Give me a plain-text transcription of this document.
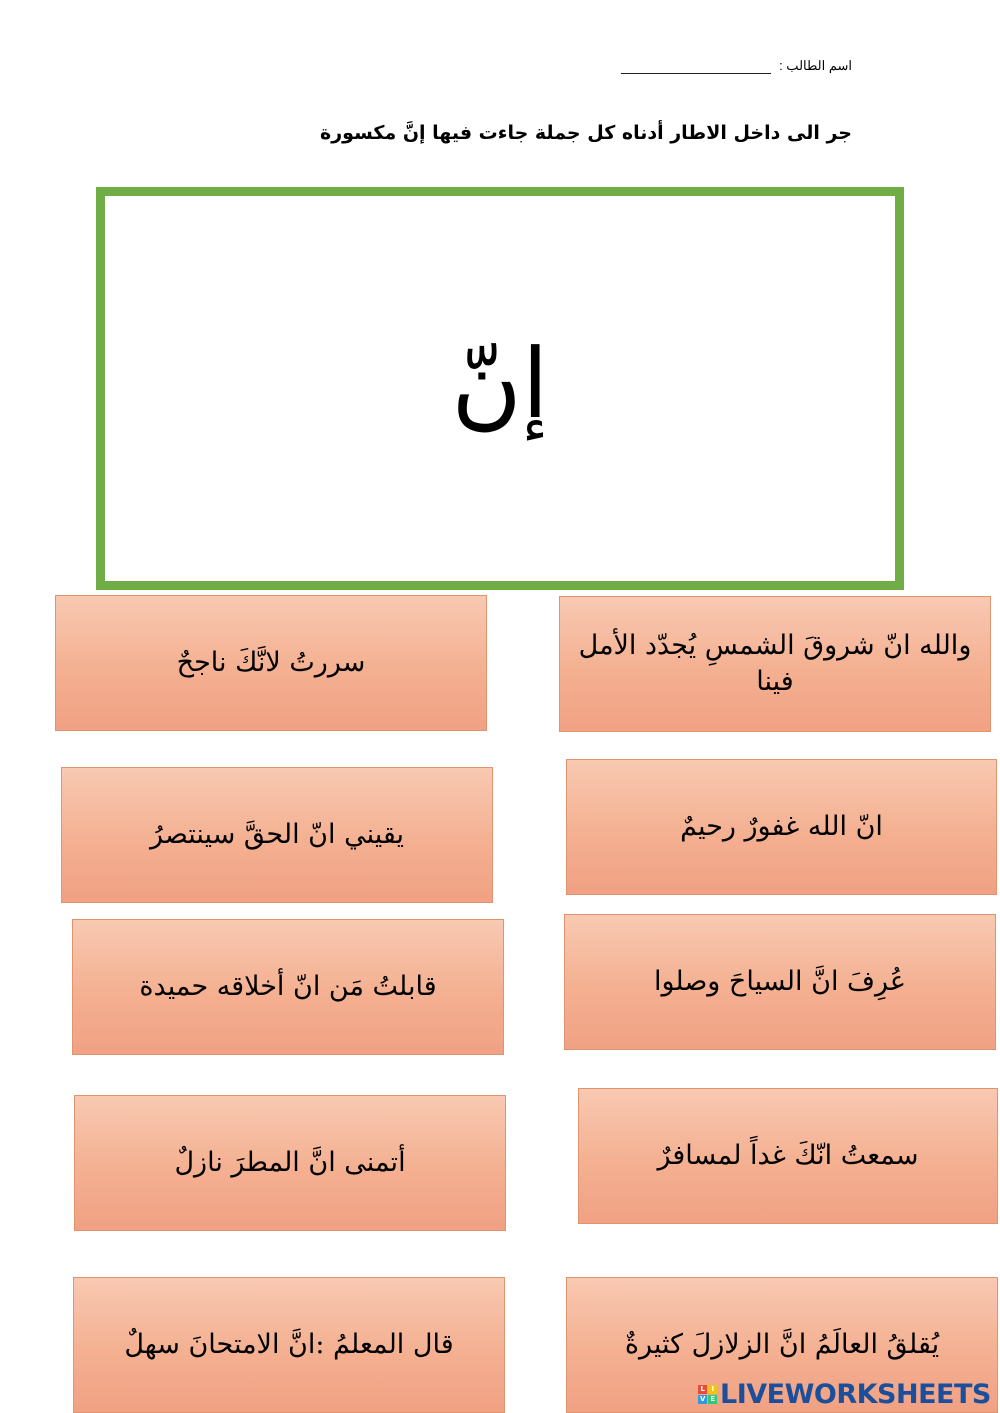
اسم الطالب :
جر الى داخل الاطار أدناه كل جملة جاءت فيها إنَّ مكسورة
إنّ
والله انّ شروقَ الشمسِ يُجدّد الأمل فينا
سررتُ لانَّكَ ناجحٌ
انّ الله غفورٌ رحيمٌ
يقيني انّ الحقَّ سينتصرُ
عُرِفَ انَّ السياحَ وصلوا
قابلتُ مَن انّ أخلاقه حميدة
سمعتُ انّكَ غداً لمسافرٌ
أتمنى انَّ المطرَ نازلٌ
يُقلقُ العالَمُ انَّ الزلازلَ كثيرةٌ
قال المعلمُ :انَّ الامتحانَ سهلٌ
L I
V E LIVEWORKSHEETS
